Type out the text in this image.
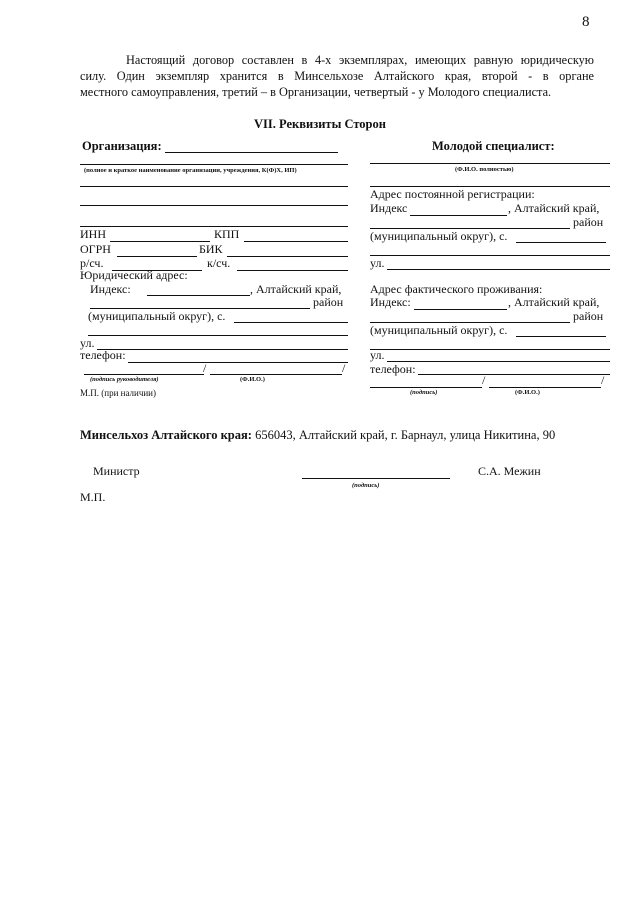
8
Настоящий договор составлен в 4-х экземплярах, имеющих равную юридическую
силу. Один экземпляр хранится в Минсельхозе Алтайского края, второй - в органе
местного самоуправления, третий – в Организации, четвертый - у Молодого специалиста.
VII. Реквизиты Сторон
Организация:
(полное и краткое наименование организации, учреждения, К(Ф)Х, ИП)
ИНН	КПП
ОГРН	БИК
р/сч.	к/сч.
Юридический адрес:
Индекс:	, Алтайский край,
район
(муниципальный округ), с.
ул.
телефон:
/	/
(подпись руководителя)	(Ф.И.О.)
М.П. (при наличии)
Молодой специалист:
(Ф.И.О. полностью)
Адрес постоянной регистрации:
Индекс	, Алтайский край,
район
(муниципальный округ), с.
ул.
Адрес фактического проживания:
Индекс:	, Алтайский край,
район
(муниципальный округ), с.
ул.
телефон:
/	/
(подпись)	(Ф.И.О.)
Минсельхоз Алтайского края: 656043, Алтайский край, г. Барнаул, улица Никитина, 90
Министр	С.А. Межин
(подпись)
М.П.
